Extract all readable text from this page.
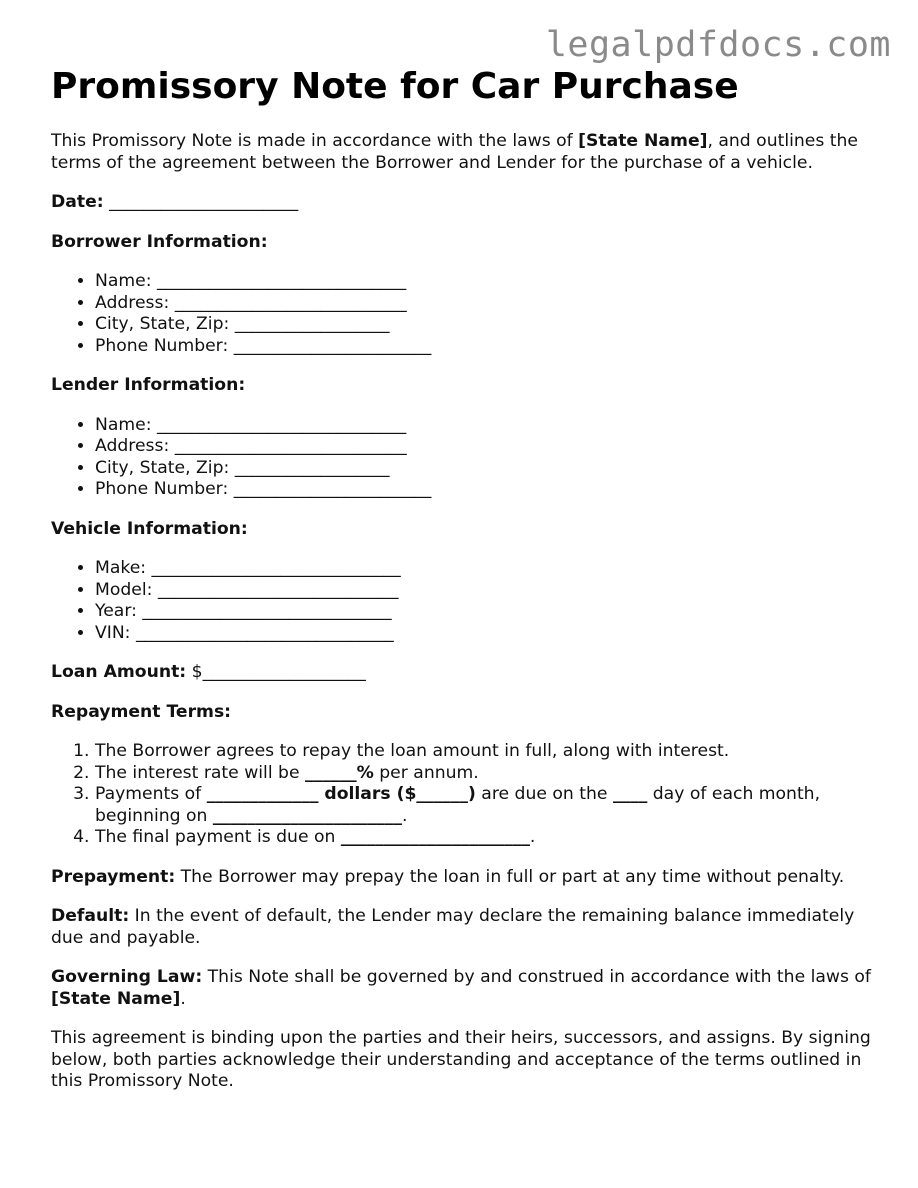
legalpdfdocs.com
Promissory Note for Car Purchase

This Promissory Note is made in accordance with the laws of [State Name], and outlines the terms of the agreement between the Borrower and Lender for the purchase of a vehicle.

Date: ______________________

Borrower Information:

• Name: _____________________________
• Address: ___________________________
• City, State, Zip: __________________
• Phone Number: _______________________

Lender Information:

• Name: _____________________________
• Address: ___________________________
• City, State, Zip: __________________
• Phone Number: _______________________

Vehicle Information:

• Make: _____________________________
• Model: ____________________________
• Year: _____________________________
• VIN: ______________________________

Loan Amount: $___________________

Repayment Terms:

1. The Borrower agrees to repay the loan amount in full, along with interest.
2. The interest rate will be ______% per annum.
3. Payments of _____________ dollars ($______) are due on the ____ day of each month, beginning on ______________________.
4. The final payment is due on ______________________.

Prepayment: The Borrower may prepay the loan in full or part at any time without penalty.

Default: In the event of default, the Lender may declare the remaining balance immediately due and payable.

Governing Law: This Note shall be governed by and construed in accordance with the laws of [State Name].

This agreement is binding upon the parties and their heirs, successors, and assigns. By signing below, both parties acknowledge their understanding and acceptance of the terms outlined in this Promissory Note.
